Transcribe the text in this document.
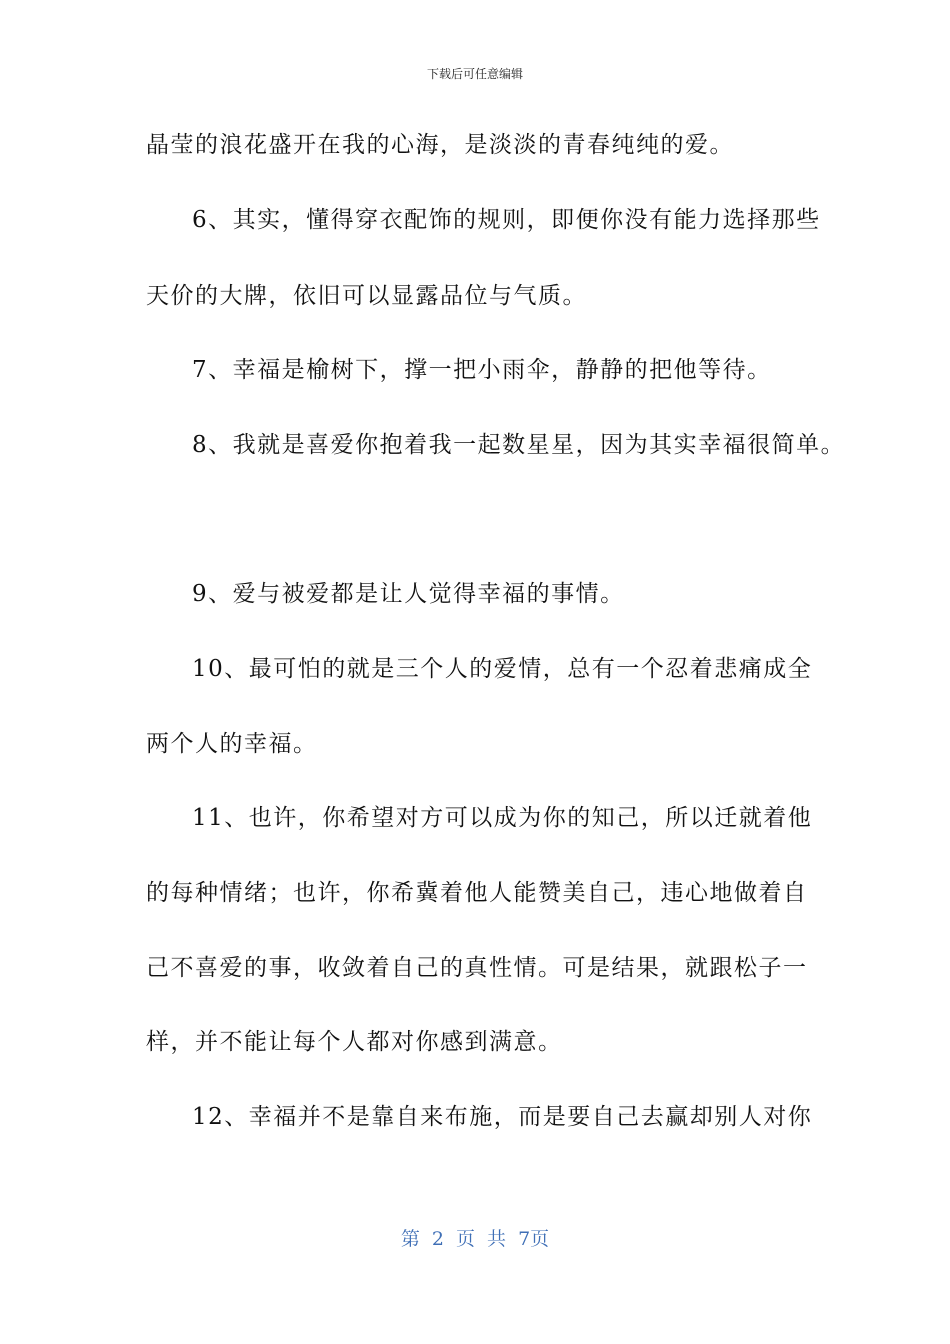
下载后可任意编辑
晶莹的浪花盛开在我的心海，是淡淡的青春纯纯的爱。
6、其实，懂得穿衣配饰的规则，即便你没有能力选择那些
天价的大牌，依旧可以显露品位与气质。
7、幸福是榆树下，撑一把小雨伞，静静的把他等待。
8、我就是喜爱你抱着我一起数星星，因为其实幸福很简单。
9、爱与被爱都是让人觉得幸福的事情。
10、最可怕的就是三个人的爱情，总有一个忍着悲痛成全
两个人的幸福。
11、也许，你希望对方可以成为你的知己，所以迁就着他
的每种情绪；也许，你希冀着他人能赞美自己，违心地做着自
己不喜爱的事，收敛着自己的真性情。可是结果，就跟松子一
样，并不能让每个人都对你感到满意。
12、幸福并不是靠自来布施，而是要自己去赢却别人对你
第 2 页 共 7页
